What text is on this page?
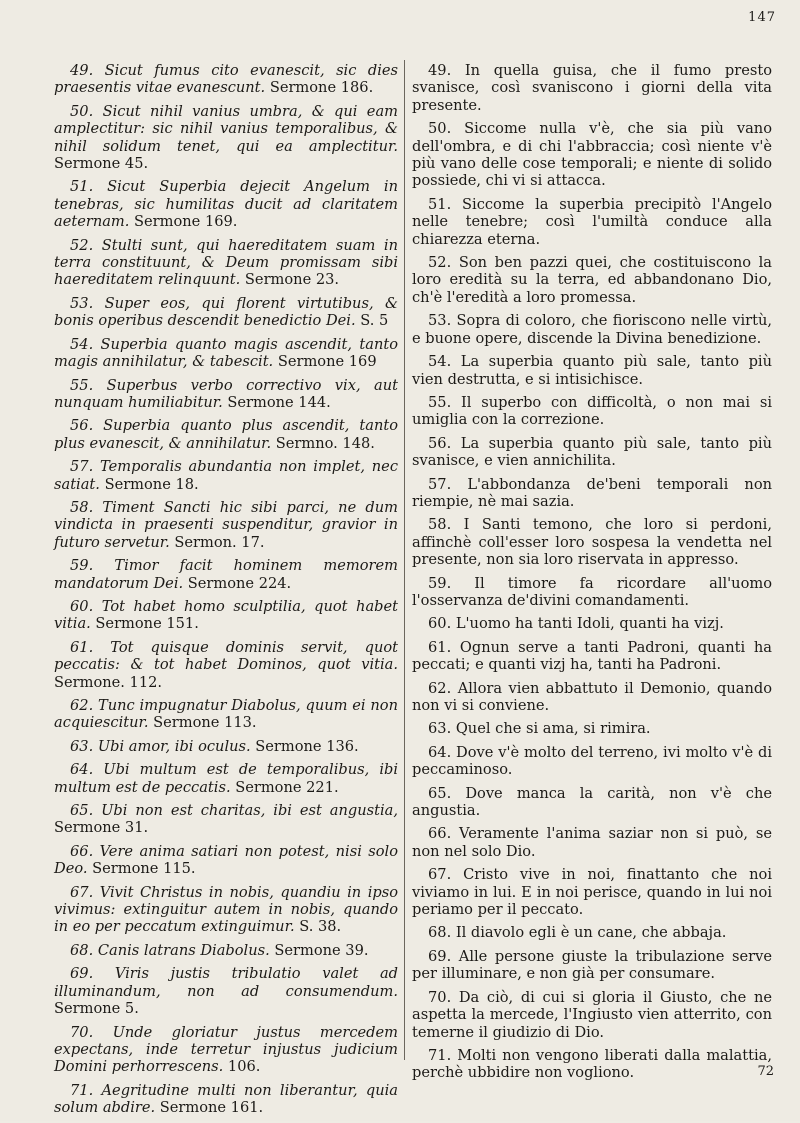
147

49. Sicut fumus cito evanescit, sic dies praesentis vitae evanescunt. Sermone 186.

50. Sicut nihil vanius umbra, & qui eam amplectitur: sic nihil vanius temporalibus, & nihil solidum tenet, qui ea amplectitur. Sermone 45.

51. Sicut Superbia dejecit Angelum in tenebras, sic humilitas ducit ad claritatem aeternam. Sermone 169.

52. Stulti sunt, qui haereditatem suam in terra constituunt, & Deum promissam sibi haereditatem relinquunt. Sermone 23.

53. Super eos, qui florent virtutibus, & bonis operibus descendit benedictio Dei. S. 5

54. Superbia quanto magis ascendit, tanto magis annihilatur, & tabescit. Sermone 169

55. Superbus verbo correctivo vix, aut nunquam humiliabitur. Sermone 144.

56. Superbia quanto plus ascendit, tanto plus evanescit, & annihilatur. Sermno. 148.

57. Temporalis abundantia non implet, nec satiat. Sermone 18.

58. Timent Sancti hic sibi parci, ne dum vindicta in praesenti suspenditur, gravior in futuro servetur. Sermon. 17.

59. Timor facit hominem memorem mandatorum Dei. Sermone 224.

60. Tot habet homo sculptilia, quot habet vitia. Sermone 151.

61. Tot quisque dominis servit, quot peccatis: & tot habet Dominos, quot vitia. Sermone. 112.

62. Tunc impugnatur Diabolus, quum ei non acquiescitur. Sermone 113.

63. Ubi amor, ibi oculus. Sermone 136.

64. Ubi multum est de temporalibus, ibi multum est de peccatis. Sermone 221.

65. Ubi non est charitas, ibi est angustia, Sermone 31.

66. Vere anima satiari non potest, nisi solo Deo. Sermone 115.

67. Vivit Christus in nobis, quandiu in ipso vivimus: extinguitur autem in nobis, quando in eo per peccatum extinguimur. S. 38.

68. Canis latrans Diabolus. Sermone 39.

69. Viris justis tribulatio valet ad illuminandum, non ad consumendum. Sermone 5.

70. Unde gloriatur justus mercedem expectans, inde terretur injustus judicium Domini perhorrescens. 106.

71. Aegritudine multi non liberantur, quia solum abdire. Sermone 161.

49. In quella guisa, che il fumo presto svanisce, così svaniscono i giorni della vita presente.

50. Siccome nulla v'è, che sia più vano dell'ombra, e di chi l'abbraccia; così niente v'è più vano delle cose temporali; e niente di solido possiede, chi vi si attacca.

51. Siccome la superbia precipitò l'Angelo nelle tenebre; così l'umiltà conduce alla chiarezza eterna.

52. Son ben pazzi quei, che costituiscono la loro eredità su la terra, ed abbandonano Dio, ch'è l'eredità a loro promessa.

53. Sopra di coloro, che fioriscono nelle virtù, e buone opere, discende la Divina benedizione.

54. La superbia quanto più sale, tanto più vien destrutta, e si intisichisce.

55. Il superbo con difficoltà, o non mai si umiglia con la correzione.

56. La superbia quanto più sale, tanto più svanisce, e vien annichilita.

57. L'abbondanza de'beni temporali non riempie, nè mai sazia.

58. I Santi temono, che loro si perdoni, affinchè coll'esser loro sospesa la vendetta nel presente, non sia loro riservata in appresso.

59. Il timore fa ricordare all'uomo l'osservanza de'divini comandamenti.

60. L'uomo ha tanti Idoli, quanti ha vizj.

61. Ognun serve a tanti Padroni, quanti ha peccati; e quanti vizj ha, tanti ha Padroni.

62. Allora vien abbattuto il Demonio, quando non vi si conviene.

63. Quel che si ama, si rimira.

64. Dove v'è molto del terreno, ivi molto v'è di peccaminoso.

65. Dove manca la carità, non v'è che angustia.

66. Veramente l'anima saziar non si può, se non nel solo Dio.

67. Cristo vive in noi, finattanto che noi viviamo in lui. E in noi perisce, quando in lui noi periamo per il peccato.

68. Il diavolo egli è un cane, che abbaja.

69. Alle persone giuste la tribulazione serve per illuminare, e non già per consumare.

70. Da ciò, di cui si gloria il Giusto, che ne aspetta la mercede, l'Ingiusto vien atterrito, con temerne il giudizio di Dio.

71. Molti non vengono liberati dalla malattia, perchè ubbidire non vogliono.	72
